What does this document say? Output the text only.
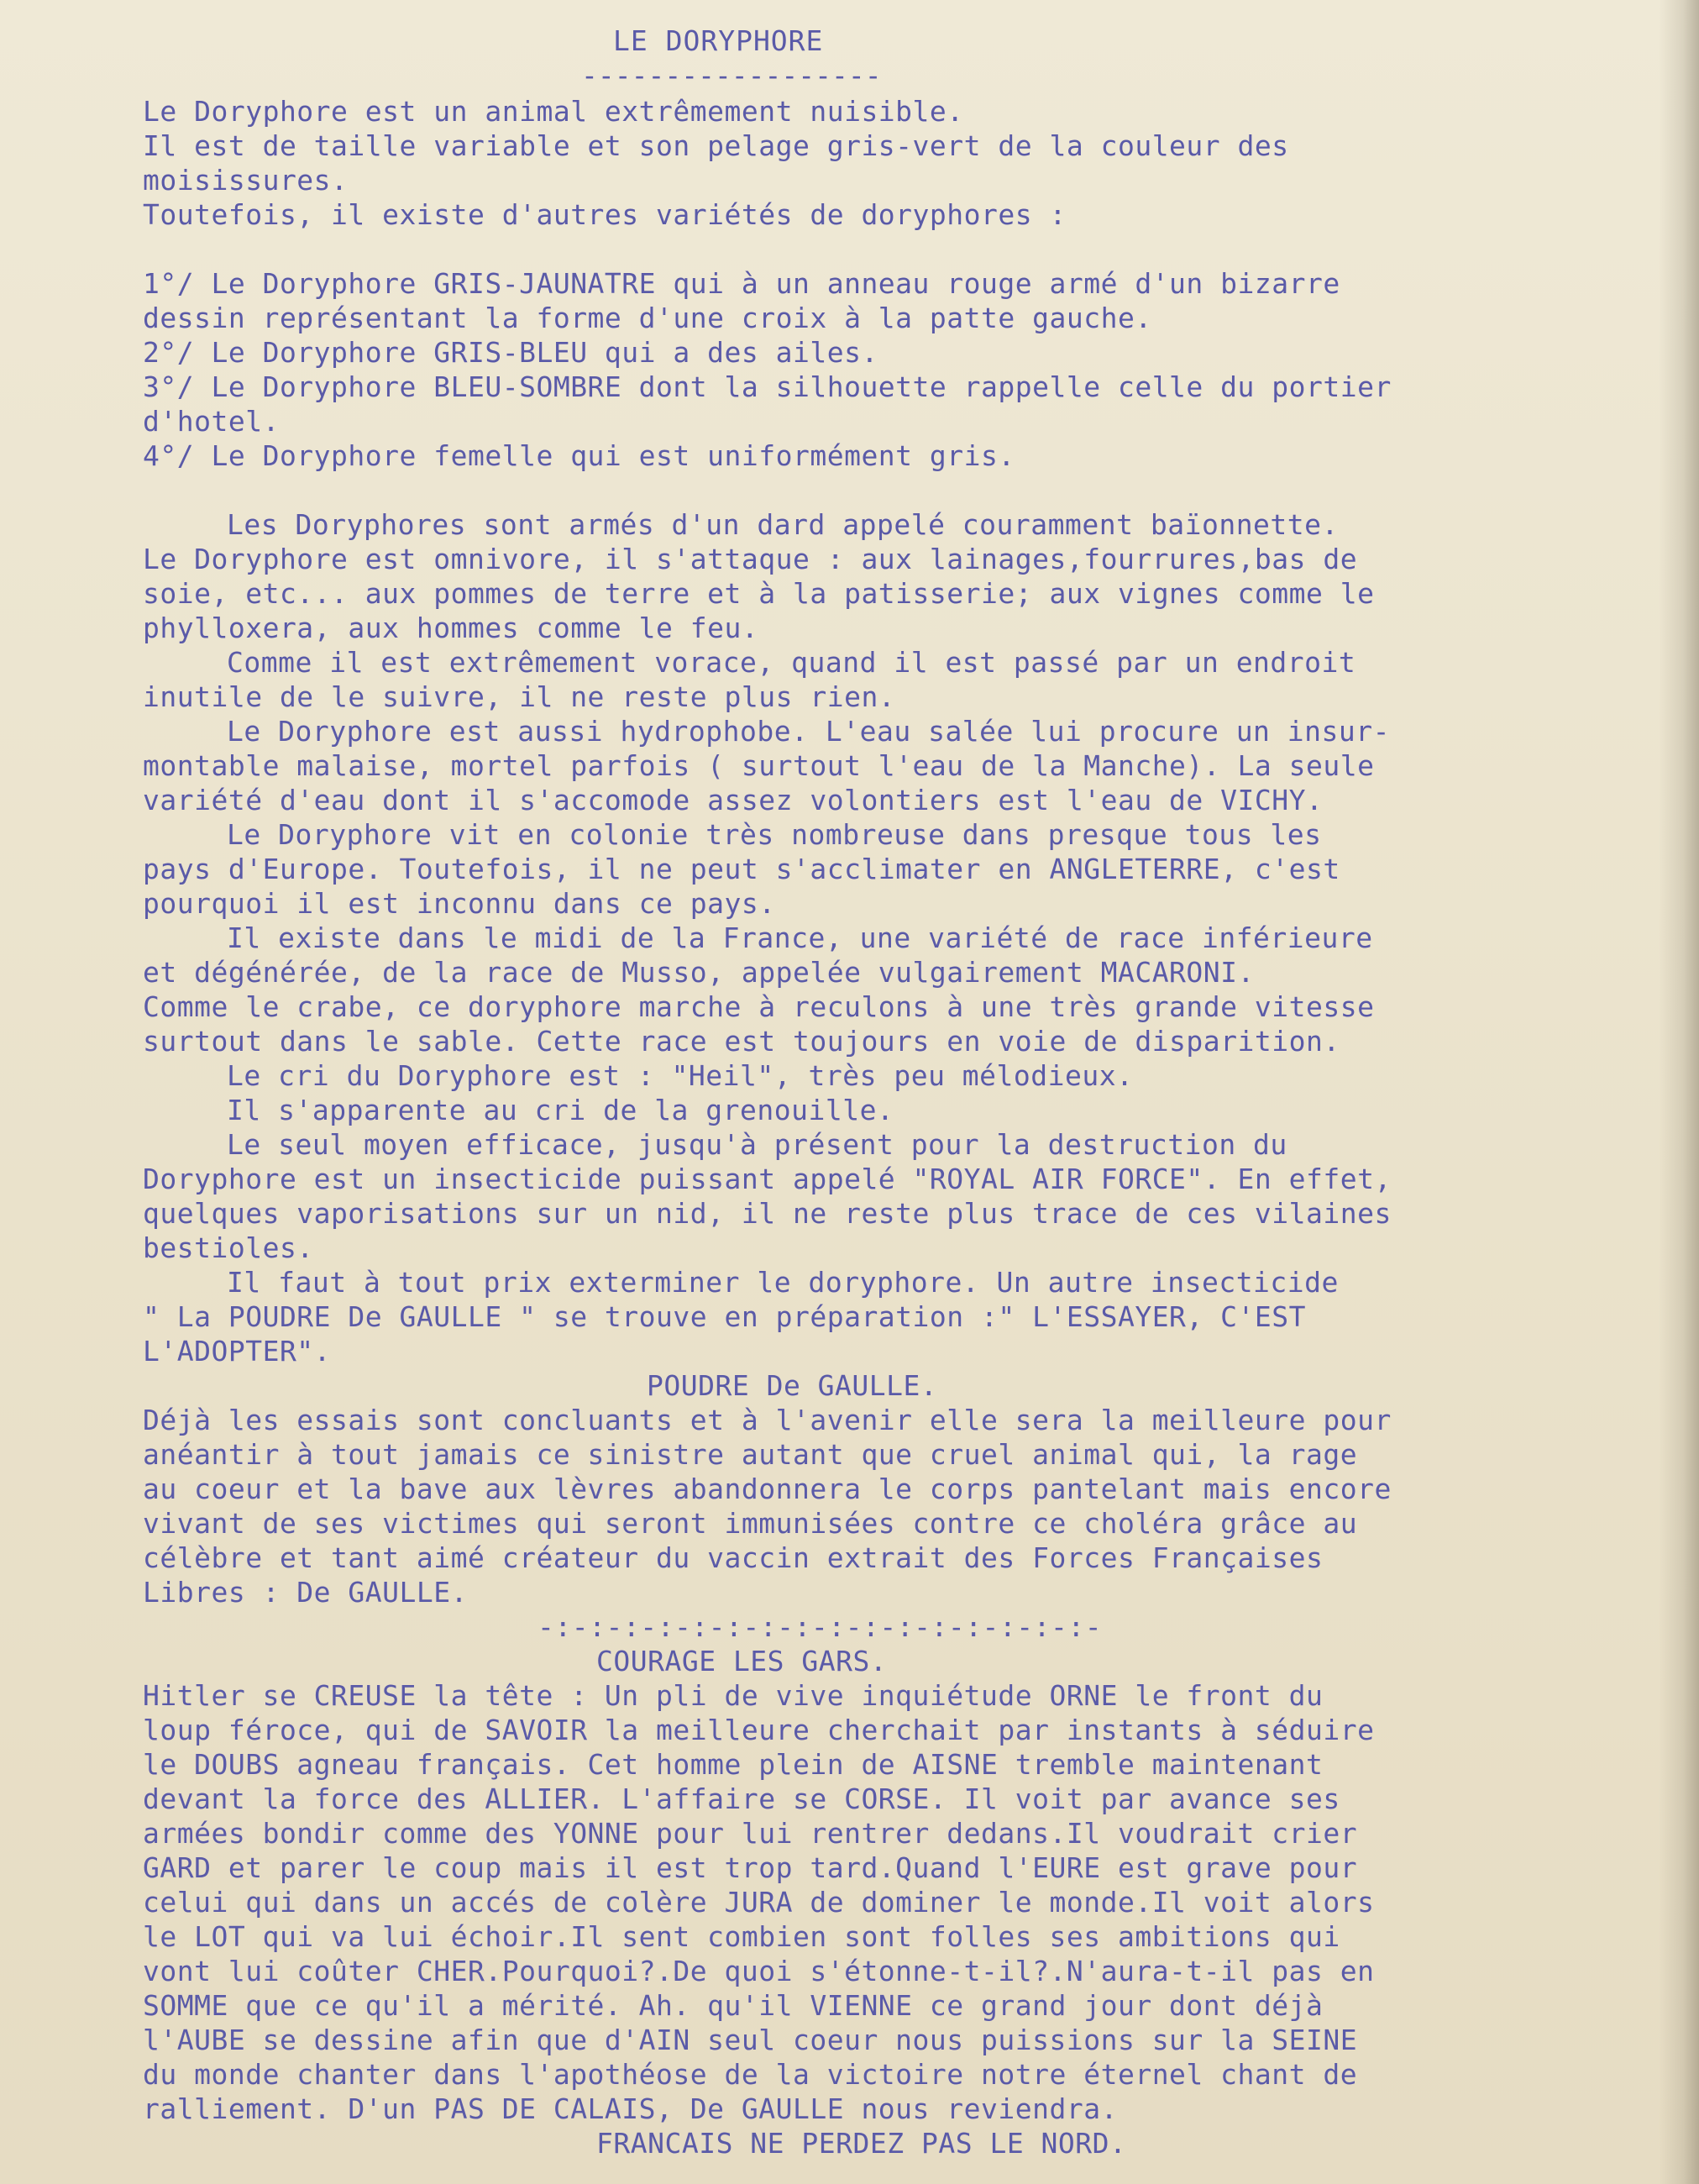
LE DORYPHORE
------------------
Le Doryphore est un animal extrêmement nuisible.
Il est de taille variable et son pelage gris-vert de la couleur des
moisissures.
Toutefois, il existe d'autres variétés de doryphores :
1°/ Le Doryphore GRIS-JAUNATRE qui à un anneau rouge armé d'un bizarre
dessin représentant la forme d'une croix à la patte gauche.
2°/ Le Doryphore GRIS-BLEU qui a des ailes.
3°/ Le Doryphore BLEU-SOMBRE dont la silhouette rappelle celle du portier
d'hotel.
4°/ Le Doryphore femelle qui est uniformément gris.
Les Doryphores sont armés d'un dard appelé couramment baïonnette.
Le Doryphore est omnivore, il s'attaque : aux lainages,fourrures,bas de
soie, etc... aux pommes de terre et à la patisserie; aux vignes comme le
phylloxera, aux hommes comme le feu.
Comme il est extrêmement vorace, quand il est passé par un endroit
inutile de le suivre, il ne reste plus rien.
Le Doryphore est aussi hydrophobe. L'eau salée lui procure un insur-
montable malaise, mortel parfois ( surtout l'eau de la Manche). La seule
variété d'eau dont il s'accomode assez volontiers est l'eau de VICHY.
Le Doryphore vit en colonie très nombreuse dans presque tous les
pays d'Europe. Toutefois, il ne peut s'acclimater en ANGLETERRE, c'est
pourquoi il est inconnu dans ce pays.
Il existe dans le midi de la France, une variété de race inférieure
et dégénérée, de la race de Musso, appelée vulgairement MACARONI.
Comme le crabe, ce doryphore marche à reculons à une très grande vitesse
surtout dans le sable. Cette race est toujours en voie de disparition.
Le cri du Doryphore est : "Heil", très peu mélodieux.
Il s'apparente au cri de la grenouille.
Le seul moyen efficace, jusqu'à présent pour la destruction du
Doryphore est un insecticide puissant appelé "ROYAL AIR FORCE". En effet,
quelques vaporisations sur un nid, il ne reste plus trace de ces vilaines
bestioles.
Il faut à tout prix exterminer le doryphore. Un autre insecticide
" La POUDRE De GAULLE " se trouve en préparation :" L'ESSAYER, C'EST
L'ADOPTER".
POUDRE De GAULLE.
Déjà les essais sont concluants et à l'avenir elle sera la meilleure pour
anéantir à tout jamais ce sinistre autant que cruel animal qui, la rage
au coeur et la bave aux lèvres abandonnera le corps pantelant mais encore
vivant de ses victimes qui seront immunisées contre ce choléra grâce au
célèbre et tant aimé créateur du vaccin extrait des Forces Françaises
Libres : De GAULLE.
-:-:-:-:-:-:-:-:-:-:-:-:-:-:-:-:-
COURAGE LES GARS.
Hitler se CREUSE la tête : Un pli de vive inquiétude ORNE le front du
loup féroce, qui de SAVOIR la meilleure cherchait par instants à séduire
le DOUBS agneau français. Cet homme plein de AISNE tremble maintenant
devant la force des ALLIER. L'affaire se CORSE. Il voit par avance ses
armées bondir comme des YONNE pour lui rentrer dedans.Il voudrait crier
GARD et parer le coup mais il est trop tard.Quand l'EURE est grave pour
celui qui dans un accés de colère JURA de dominer le monde.Il voit alors
le LOT qui va lui échoir.Il sent combien sont folles ses ambitions qui
vont lui coûter CHER.Pourquoi?.De quoi s'étonne-t-il?.N'aura-t-il pas en
SOMME que ce qu'il a mérité. Ah. qu'il VIENNE ce grand jour dont déjà
l'AUBE se dessine afin que d'AIN seul coeur nous puissions sur la SEINE
du monde chanter dans l'apothéose de la victoire notre éternel chant de
ralliement. D'un PAS DE CALAIS, De GAULLE nous reviendra.
FRANCAIS NE PERDEZ PAS LE NORD.
